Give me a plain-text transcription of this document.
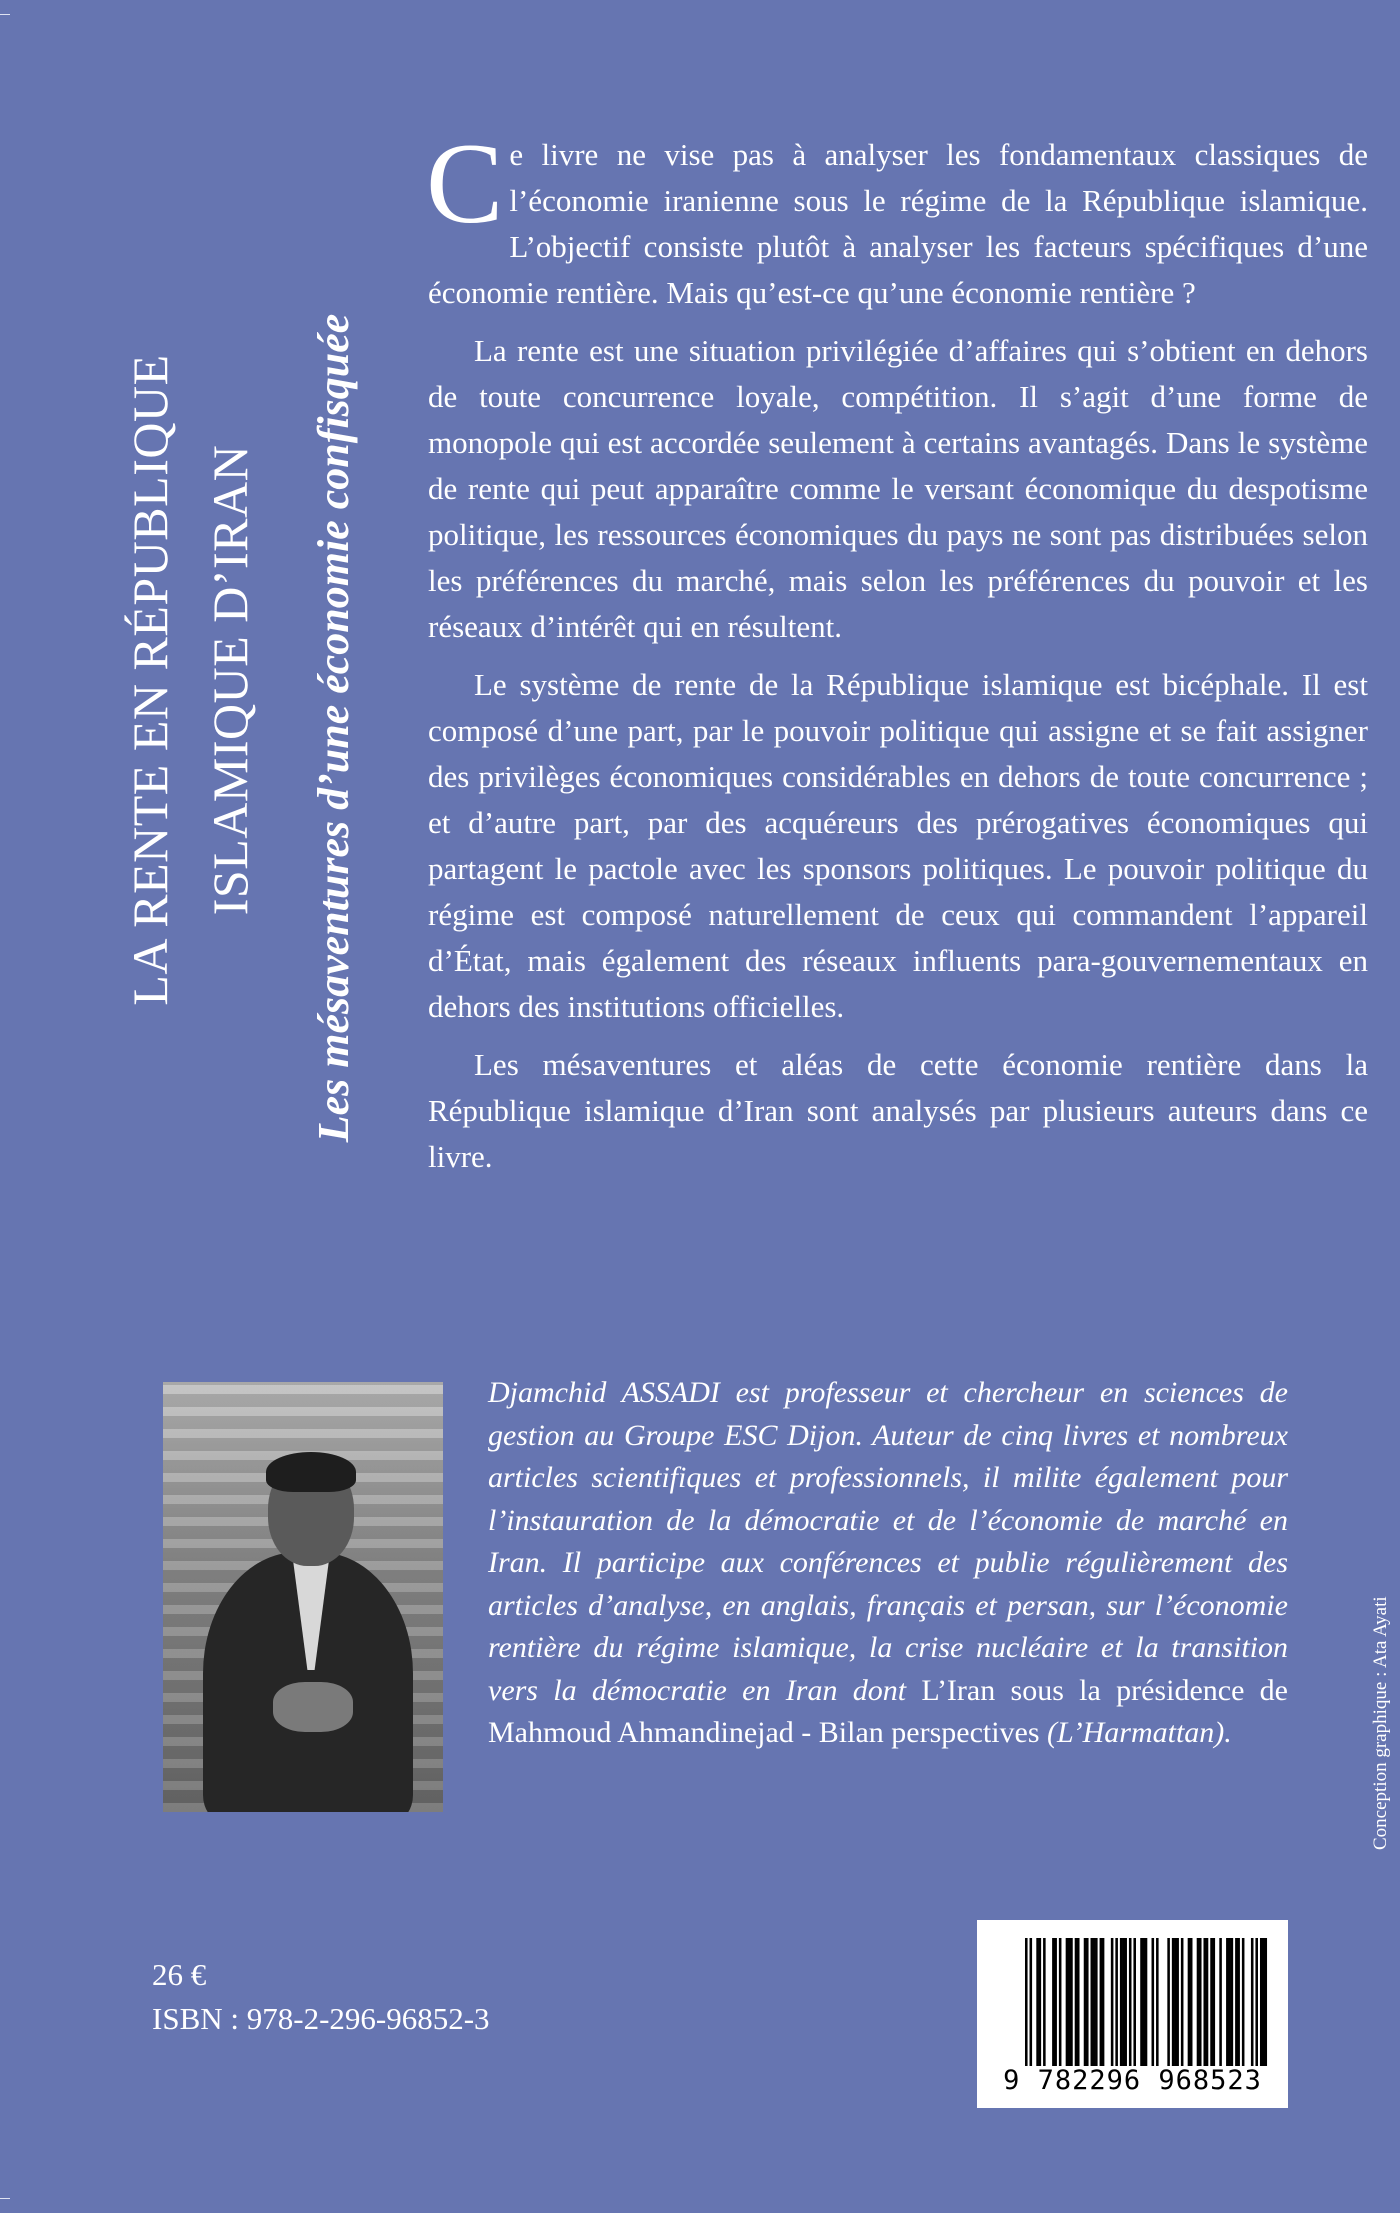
LA RENTE EN RÉPUBLIQUE ISLAMIQUE D’IRAN Les mésaventures d’une économie confisquée

Ce livre ne vise pas à analyser les fondamentaux classiques de l’économie iranienne sous le régime de la République islamique. L’objectif consiste plutôt à analyser les facteurs spécifiques d’une économie rentière. Mais qu’est-ce qu’une économie rentière ?

La rente est une situation privilégiée d’affaires qui s’obtient en dehors de toute concurrence loyale, compétition. Il s’agit d’une forme de monopole qui est accordée seulement à certains avantagés. Dans le système de rente qui peut apparaître comme le versant économique du despotisme politique, les ressources économiques du pays ne sont pas distribuées selon les préférences du marché, mais selon les préférences du pouvoir et les réseaux d’intérêt qui en résultent.

Le système de rente de la République islamique est bicéphale. Il est composé d’une part, par le pouvoir politique qui assigne et se fait assigner des privilèges économiques considérables en dehors de toute concurrence ; et d’autre part, par des acquéreurs des prérogatives économiques qui partagent le pactole avec les sponsors politiques. Le pouvoir politique du régime est composé naturellement de ceux qui commandent l’appareil d’État, mais également des réseaux influents para-gouvernementaux en dehors des institutions officielles.

Les mésaventures et aléas de cette économie rentière dans la République islamique d’Iran sont analysés par plusieurs auteurs dans ce livre.

Djamchid ASSADI est professeur et chercheur en sciences de gestion au Groupe ESC Dijon. Auteur de cinq livres et nombreux articles scientifiques et professionnels, il milite également pour l’instauration de la démocratie et de l’économie de marché en Iran. Il participe aux conférences et publie régulièrement des articles d’analyse, en anglais, français et persan, sur l’économie rentière du régime islamique, la crise nucléaire et la transition vers la démocratie en Iran dont L’Iran sous la présidence de Mahmoud Ahmandinejad - Bilan perspectives (L’Harmattan).	Conception graphique : Ata Ayati
26 €
ISBN : 978-2-296-96852-3
9 782296 968523
